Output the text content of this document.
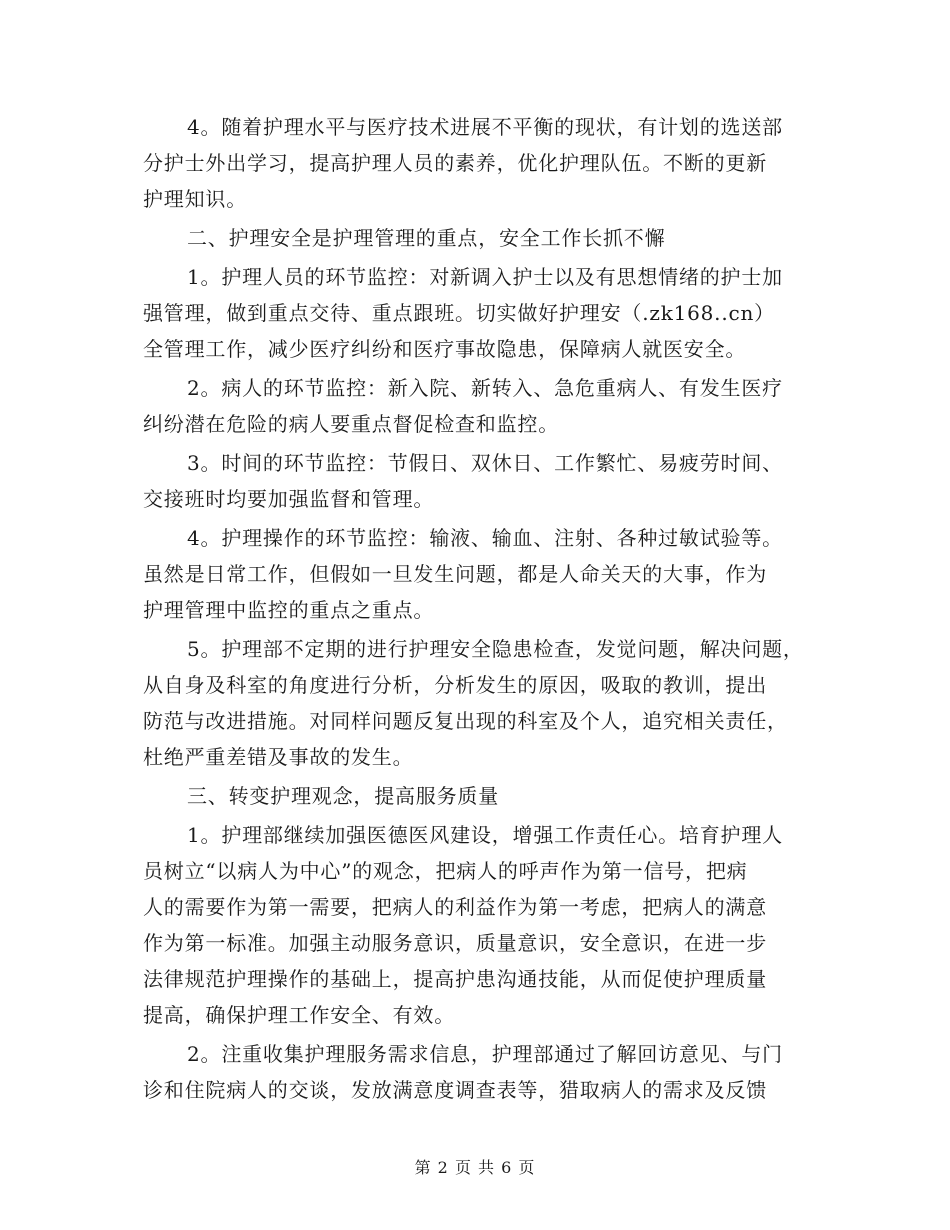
4。随着护理水平与医疗技术进展不平衡的现状，有计划的选送部
分护士外出学习，提高护理人员的素养，优化护理队伍。不断的更新
护理知识。
二、护理安全是护理管理的重点，安全工作长抓不懈
1。护理人员的环节监控：对新调入护士以及有思想情绪的护士加
强管理，做到重点交待、重点跟班。切实做好护理安（.zk168..cn）
全管理工作，减少医疗纠纷和医疗事故隐患，保障病人就医安全。
2。病人的环节监控：新入院、新转入、急危重病人、有发生医疗
纠纷潜在危险的病人要重点督促检查和监控。
3。时间的环节监控：节假日、双休日、工作繁忙、易疲劳时间、
交接班时均要加强监督和管理。
4。护理操作的环节监控：输液、输血、注射、各种过敏试验等。
虽然是日常工作，但假如一旦发生问题，都是人命关天的大事，作为
护理管理中监控的重点之重点。
5。护理部不定期的进行护理安全隐患检查，发觉问题，解决问题，
从自身及科室的角度进行分析，分析发生的原因，吸取的教训，提出
防范与改进措施。对同样问题反复出现的科室及个人，追究相关责任，
杜绝严重差错及事故的发生。
三、转变护理观念，提高服务质量
1。护理部继续加强医德医风建设，增强工作责任心。培育护理人
员树立“以病人为中心”的观念，把病人的呼声作为第一信号，把病
人的需要作为第一需要，把病人的利益作为第一考虑，把病人的满意
作为第一标准。加强主动服务意识，质量意识，安全意识，在进一步
法律规范护理操作的基础上，提高护患沟通技能，从而促使护理质量
提高，确保护理工作安全、有效。
2。注重收集护理服务需求信息，护理部通过了解回访意见、与门
诊和住院病人的交谈，发放满意度调查表等，猎取病人的需求及反馈
第 2 页 共 6 页
